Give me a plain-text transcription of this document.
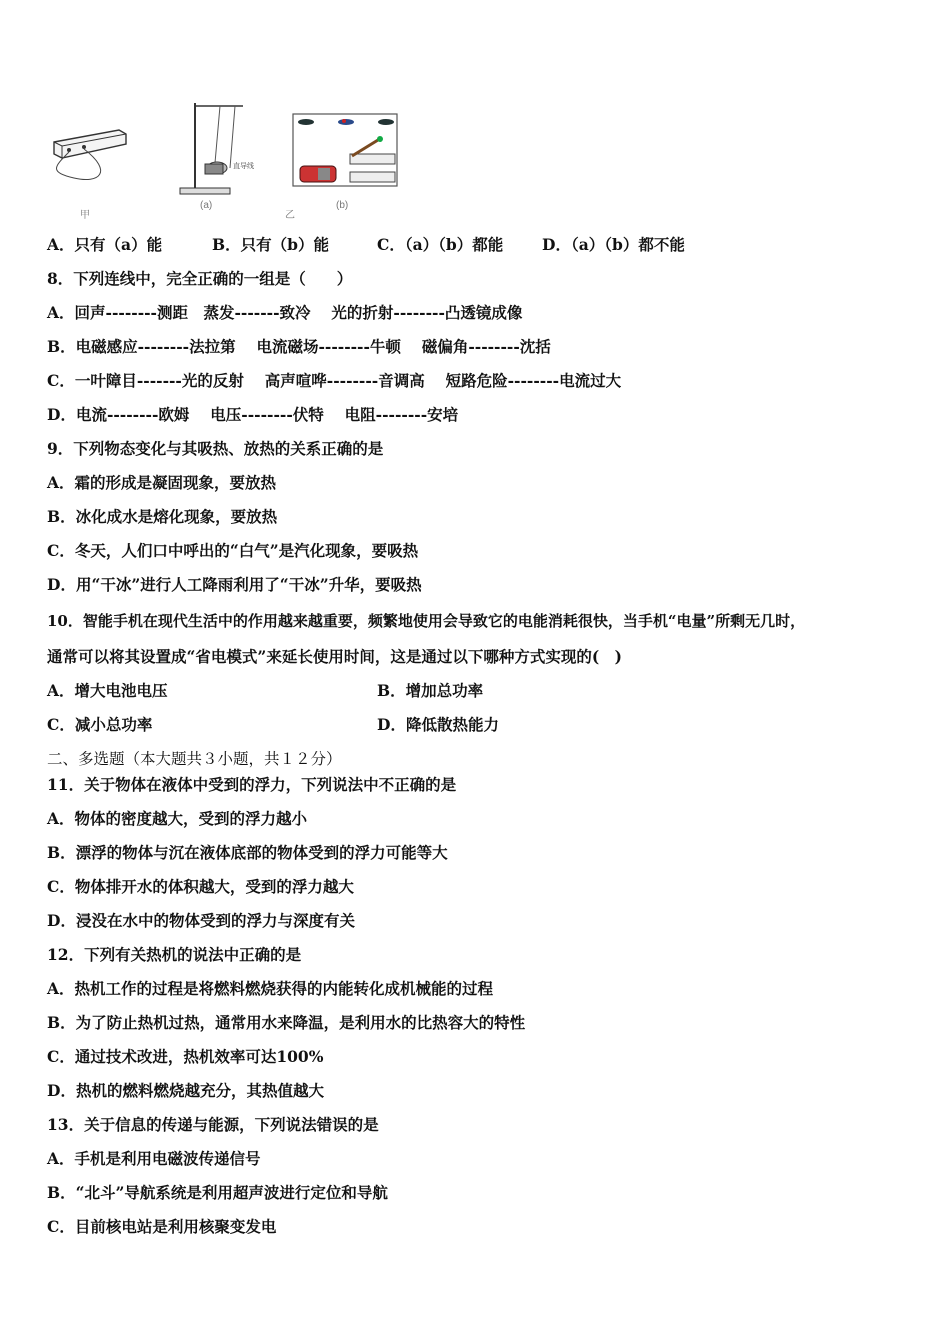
甲
直导线
(a)
乙
(b)
A．只有（a）能	B．只有（b）能	C．（a）（b）都能	D．（a）（b）都不能
8．下列连线中，完全正确的一组是（　　）
A．回声--------测距　蒸发-------致冷　 光的折射--------凸透镜成像
B．电磁感应--------法拉第　 电流磁场--------牛顿　 磁偏角--------沈括
C．一叶障目-------光的反射　 高声喧哗--------音调高　 短路危险--------电流过大
D．电流--------欧姆　 电压--------伏特　 电阻--------安培
9．下列物态变化与其吸热、放热的关系正确的是
A．霜的形成是凝固现象，要放热
B．冰化成水是熔化现象，要放热
C．冬天，人们口中呼出的“白气”是汽化现象，要吸热
D．用“干冰”进行人工降雨利用了“干冰”升华，要吸热
10．智能手机在现代生活中的作用越来越重要，频繁地使用会导致它的电能消耗很快，当手机“电量”所剩无几时，
通常可以将其设置成“省电模式”来延长使用时间，这是通过以下哪种方式实现的(　)
A．增大电池电压	B．增加总功率
C．减小总功率	D．降低散热能力
二、多选题（本大题共３小题，共１２分）
11．关于物体在液体中受到的浮力，下列说法中不正确的是
A．物体的密度越大，受到的浮力越小
B．漂浮的物体与沉在液体底部的物体受到的浮力可能等大
C．物体排开水的体积越大，受到的浮力越大
D．浸没在水中的物体受到的浮力与深度有关
12．下列有关热机的说法中正确的是
A．热机工作的过程是将燃料燃烧获得的内能转化成机械能的过程
B．为了防止热机过热，通常用水来降温，是利用水的比热容大的特性
C．通过技术改进，热机效率可达100%
D．热机的燃料燃烧越充分，其热值越大
13．关于信息的传递与能源，下列说法错误的是
A．手机是利用电磁波传递信号
B．“北斗”导航系统是利用超声波进行定位和导航
C．目前核电站是利用核聚变发电
